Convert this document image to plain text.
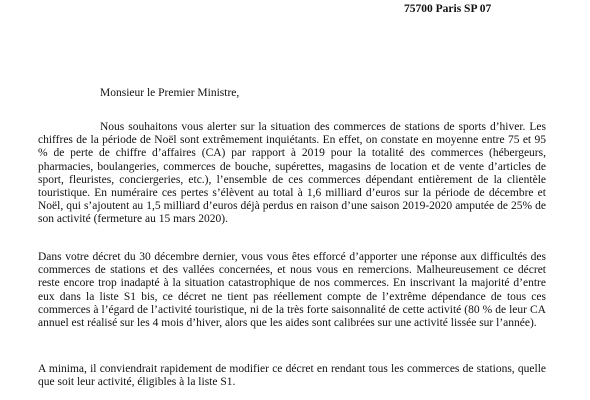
75700 Paris SP 07
Monsieur le Premier Ministre,

Nous souhaitons vous alerter sur la situation des commerces de stations de sports d’hiver. Les chiffres de la période de Noël sont extrêmement inquiétants. En effet, on constate en moyenne entre 75 et 95 % de perte de chiffre d’affaires (CA) par rapport à 2019 pour la totalité des commerces (hébergeurs, pharmacies, boulangeries, commerces de bouche, supérettes, magasins de location et de vente d’articles de sport, fleuristes, conciergeries, etc.), l’ensemble de ces commerces dépendant entièrement de la clientèle touristique. En numéraire ces pertes s’élèvent au total à 1,6 milliard d’euros sur la période de décembre et Noël, qui s’ajoutent au 1,5 milliard d’euros déjà perdus en raison d’une saison 2019-2020 amputée de 25% de son activité (fermeture au 15 mars 2020).

Dans votre décret du 30 décembre dernier, vous vous êtes efforcé d’apporter une réponse aux difficultés des commerces de stations et des vallées concernées, et nous vous en remercions. Malheureusement ce décret reste encore trop inadapté à la situation catastrophique de nos commerces. En inscrivant la majorité d’entre eux dans la liste S1 bis, ce décret ne tient pas réellement compte de l’extrême dépendance de tous ces commerces à l’égard de l’activité touristique, ni de la très forte saisonnalité de cette activité (80 % de leur CA annuel est réalisé sur les 4 mois d’hiver, alors que les aides sont calibrées sur une activité lissée sur l’année).

A minima, il conviendrait rapidement de modifier ce décret en rendant tous les commerces de stations, quelle que soit leur activité, éligibles à la liste S1.
